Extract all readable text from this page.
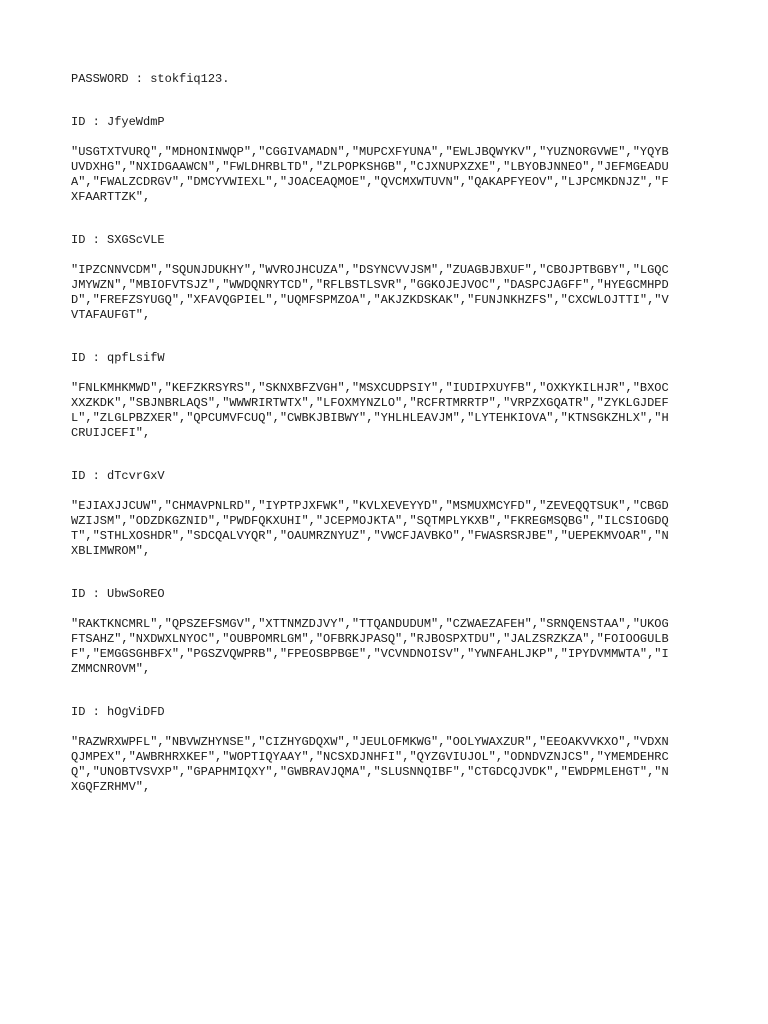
PASSWORD : stokfiq123.

ID : JfyeWdmP

"USGTXTVURQ","MDHONINWQP","CGGIVAMADN","MUPCXFYUNA","EWLJBQWYKV","YUZNORGVWE","YQYB

UVDXHG","NXIDGAAWCN","FWLDHRBLTD","ZLPOPKSHGB","CJXNUPXZXE","LBYOBJNNEO","JEFMGEADU

A","FWALZCDRGV","DMCYVWIEXL","JOACEAQMOE","QVCMXWTUVN","QAKAPFYEOV","LJPCMKDNJZ","F

XFAARTTZK",

ID : SXGScVLE

"IPZCNNVCDM","SQUNJDUKHY","WVROJHCUZA","DSYNCVVJSM","ZUAGBJBXUF","CBOJPTBGBY","LGQC

JMYWZN","MBIOFVTSJZ","WWDQNRYTCD","RFLBSTLSVR","GGKOJEJVOC","DASPCJAGFF","HYEGCMHPD

D","FREFZSYUGQ","XFAVQGPIEL","UQMFSPMZOA","AKJZKDSKAK","FUNJNKHZFS","CXCWLOJTTI","V

VTAFAUFGT",

ID : qpfLsifW

"FNLKMHKMWD","KEFZKRSYRS","SKNXBFZVGH","MSXCUDPSIY","IUDIPXUYFB","OXKYKILHJR","BXOC

XXZKDK","SBJNBRLAQS","WWWRIRTWTX","LFOXMYNZLO","RCFRTMRRTP","VRPZXGQATR","ZYKLGJDEF

L","ZLGLPBZXER","QPCUMVFCUQ","CWBKJBIBWY","YHLHLEAVJM","LYTEHKIOVA","KTNSGKZHLX","H

CRUIJCEFI",

ID : dTcvrGxV

"EJIAXJJCUW","CHMAVPNLRD","IYPTPJXFWK","KVLXEVEYYD","MSMUXMCYFD","ZEVEQQTSUK","CBGD

WZIJSM","ODZDKGZNID","PWDFQKXUHI","JCEPMOJKTA","SQTMPLYKXB","FKREGMSQBG","ILCSIOGDQ

T","STHLXOSHDR","SDCQALVYQR","OAUMRZNYUZ","VWCFJAVBKO","FWASRSRJBE","UEPEKMVOAR","N

XBLIMWROM",

ID : UbwSoREO

"RAKTKNCMRL","QPSZEFSMGV","XTTNMZDJVY","TTQANDUDUM","CZWAEZAFEH","SRNQENSTAA","UKOG

FTSAHZ","NXDWXLNYOC","OUBPOMRLGM","OFBRKJPASQ","RJBOSPXTDU","JALZSRZKZA","FOIOOGULB

F","EMGGSGHBFX","PGSZVQWPRB","FPEOSBPBGE","VCVNDNOISV","YWNFAHLJKP","IPYDVMMWTA","I

ZMMCNROVM",

ID : hOgViDFD

"RAZWRXWPFL","NBVWZHYNSE","CIZHYGDQXW","JEULOFMKWG","OOLYWAXZUR","EEOAKVVKXO","VDXN

QJMPEX","AWBRHRXKEF","WOPTIQYAAY","NCSXDJNHFI","QYZGVIUJOL","ODNDVZNJCS","YMEMDEHRC

Q","UNOBTVSVXP","GPAPHMIQXY","GWBRAVJQMA","SLUSNNQIBF","CTGDCQJVDK","EWDPMLEHGT","N

XGQFZRHMV",
